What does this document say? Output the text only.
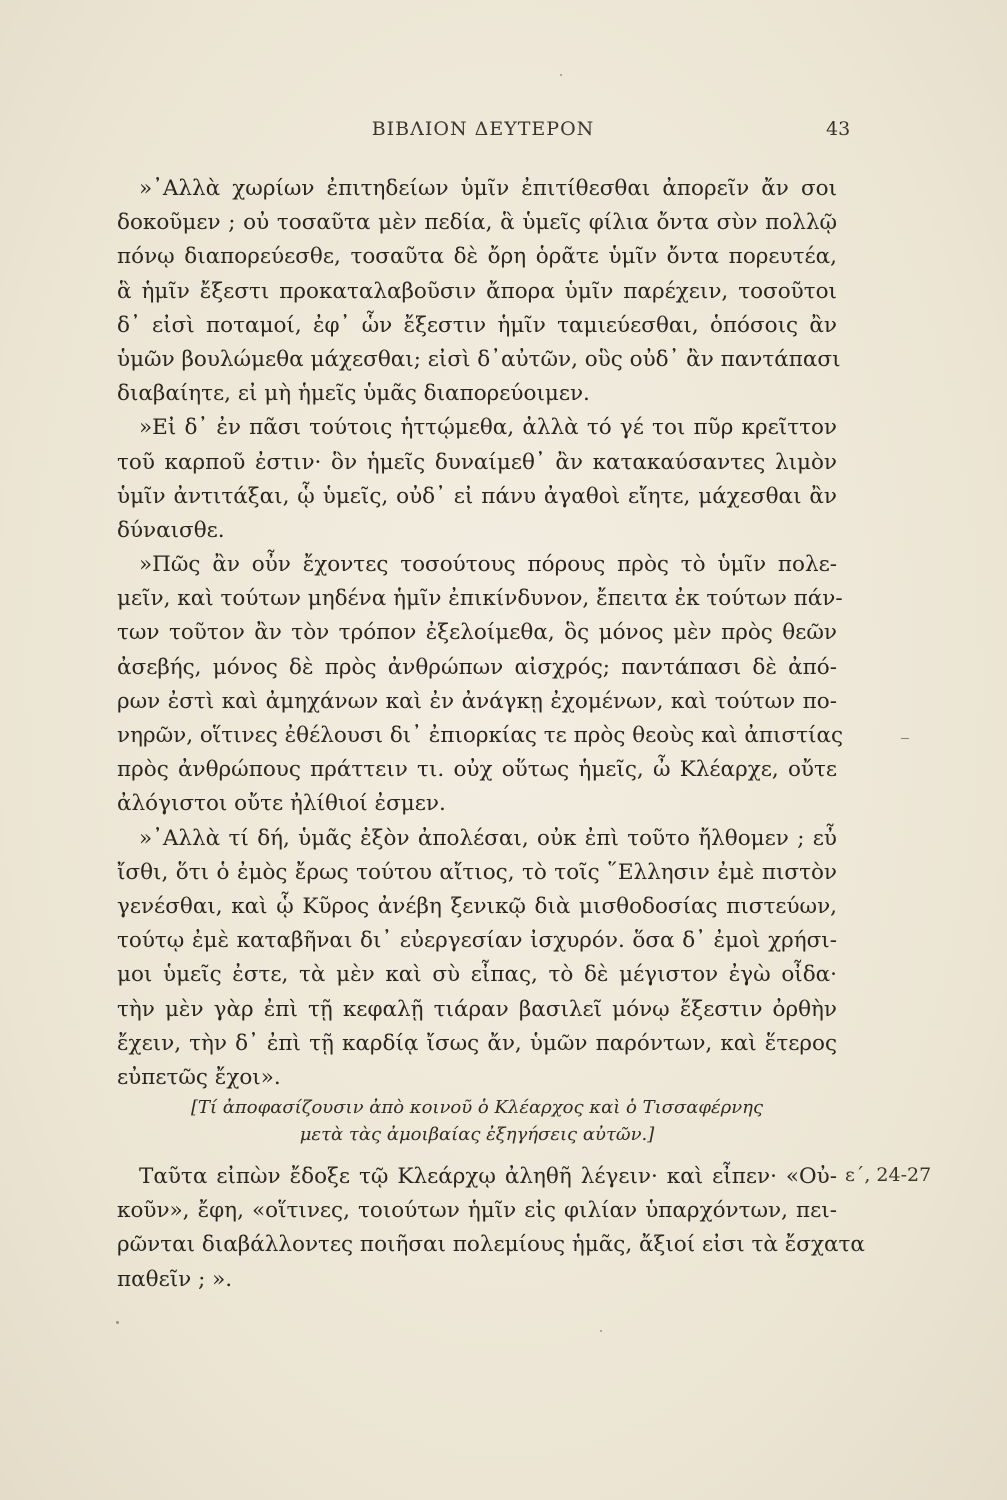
ΒΙΒΛΙΟΝ ΔΕΥΤΕΡΟΝ	43
»᾿Αλλὰ χωρίων ἐπιτηδείων ὑμῖν ἐπιτίθεσθαι ἀπορεῖν ἄν σοι
δοκοῦμεν ; οὐ τοσαῦτα μὲν πεδία, ἃ ὑμεῖς φίλια ὄντα σὺν πολλῷ
πόνῳ διαπορεύεσθε, τοσαῦτα δὲ ὄρη ὁρᾶτε ὑμῖν ὄντα πορευτέα,
ἃ ἡμῖν ἔξεστι προκαταλαβοῦσιν ἄπορα ὑμῖν παρέχειν, τοσοῦτοι
δ᾿ εἰσὶ ποταμοί, ἐφ᾿ ὧν ἔξεστιν ἡμῖν ταμιεύεσθαι, ὁπόσοις ἂν
ὑμῶν βουλώμεθα μάχεσθαι; εἰσὶ δ᾿αὐτῶν, οὓς οὐδ᾿ ἂν παντάπασι
διαβαίητε, εἰ μὴ ἡμεῖς ὑμᾶς διαπορεύοιμεν.
»Εἰ δ᾿ ἐν πᾶσι τούτοις ἡττῴμεθα, ἀλλὰ τό γέ τοι πῦρ κρεῖττον
τοῦ καρποῦ ἐστιν· ὃν ἡμεῖς δυναίμεθ᾿ ἂν κατακαύσαντες λιμὸν
ὑμῖν ἀντιτάξαι, ᾧ ὑμεῖς, οὐδ᾿ εἰ πάνυ ἀγαθοὶ εἴητε, μάχεσθαι ἂν
δύναισθε.
»Πῶς ἂν οὖν ἔχοντες τοσούτους πόρους πρὸς τὸ ὑμῖν πολε-
μεῖν, καὶ τούτων μηδένα ἡμῖν ἐπικίνδυνον, ἔπειτα ἐκ τούτων πάν-
των τοῦτον ἂν τὸν τρόπον ἐξελοίμεθα, ὃς μόνος μὲν πρὸς θεῶν
ἀσεβής, μόνος δὲ πρὸς ἀνθρώπων αἰσχρός; παντάπασι δὲ ἀπό-
ρων ἐστὶ καὶ ἀμηχάνων καὶ ἐν ἀνάγκῃ ἐχομένων, καὶ τούτων πο-
νηρῶν, οἵτινες ἐθέλουσι δι᾿ ἐπιορκίας τε πρὸς θεοὺς καὶ ἀπιστίας
πρὸς ἀνθρώπους πράττειν τι. οὐχ οὕτως ἡμεῖς, ὦ Κλέαρχε, οὔτε
ἀλόγιστοι οὔτε ἠλίθιοί ἐσμεν.
»᾿Αλλὰ τί δή, ὑμᾶς ἐξὸν ἀπολέσαι, οὐκ ἐπὶ τοῦτο ἤλθομεν ; εὖ
ἴσθι, ὅτι ὁ ἐμὸς ἔρως τούτου αἴτιος, τὸ τοῖς ῞Ελλησιν ἐμὲ πιστὸν
γενέσθαι, καὶ ᾧ Κῦρος ἀνέβη ξενικῷ διὰ μισθοδοσίας πιστεύων,
τούτῳ ἐμὲ καταβῆναι δι᾿ εὐεργεσίαν ἰσχυρόν. ὅσα δ᾿ ἐμοὶ χρήσι-
μοι ὑμεῖς ἐστε, τὰ μὲν καὶ σὺ εἶπας, τὸ δὲ μέγιστον ἐγὼ οἶδα·
τὴν μὲν γὰρ ἐπὶ τῇ κεφαλῇ τιάραν βασιλεῖ μόνῳ ἔξεστιν ὀρθὴν
ἔχειν, τὴν δ᾿ ἐπὶ τῇ καρδίᾳ ἴσως ἄν, ὑμῶν παρόντων, καὶ ἕτερος
εὐπετῶς ἔχοι».
[Τί ἀποφασίζουσιν ἀπὸ κοινοῦ ὁ Κλέαρχος καὶ ὁ Τισσαφέρνης
μετὰ τὰς ἀμοιβαίας ἐξηγήσεις αὐτῶν.]
Ταῦτα εἰπὼν ἔδοξε τῷ Κλεάρχῳ ἀληθῆ λέγειν· καὶ εἶπεν· «Οὐ-
κοῦν», ἔφη, «οἵτινες, τοιούτων ἡμῖν εἰς φιλίαν ὑπαρχόντων, πει-
ρῶνται διαβάλλοντες ποιῆσαι πολεμίους ἡμᾶς, ἄξιοί εἰσι τὰ ἔσχατα
παθεῖν ; ».
ε΄, 24-27
